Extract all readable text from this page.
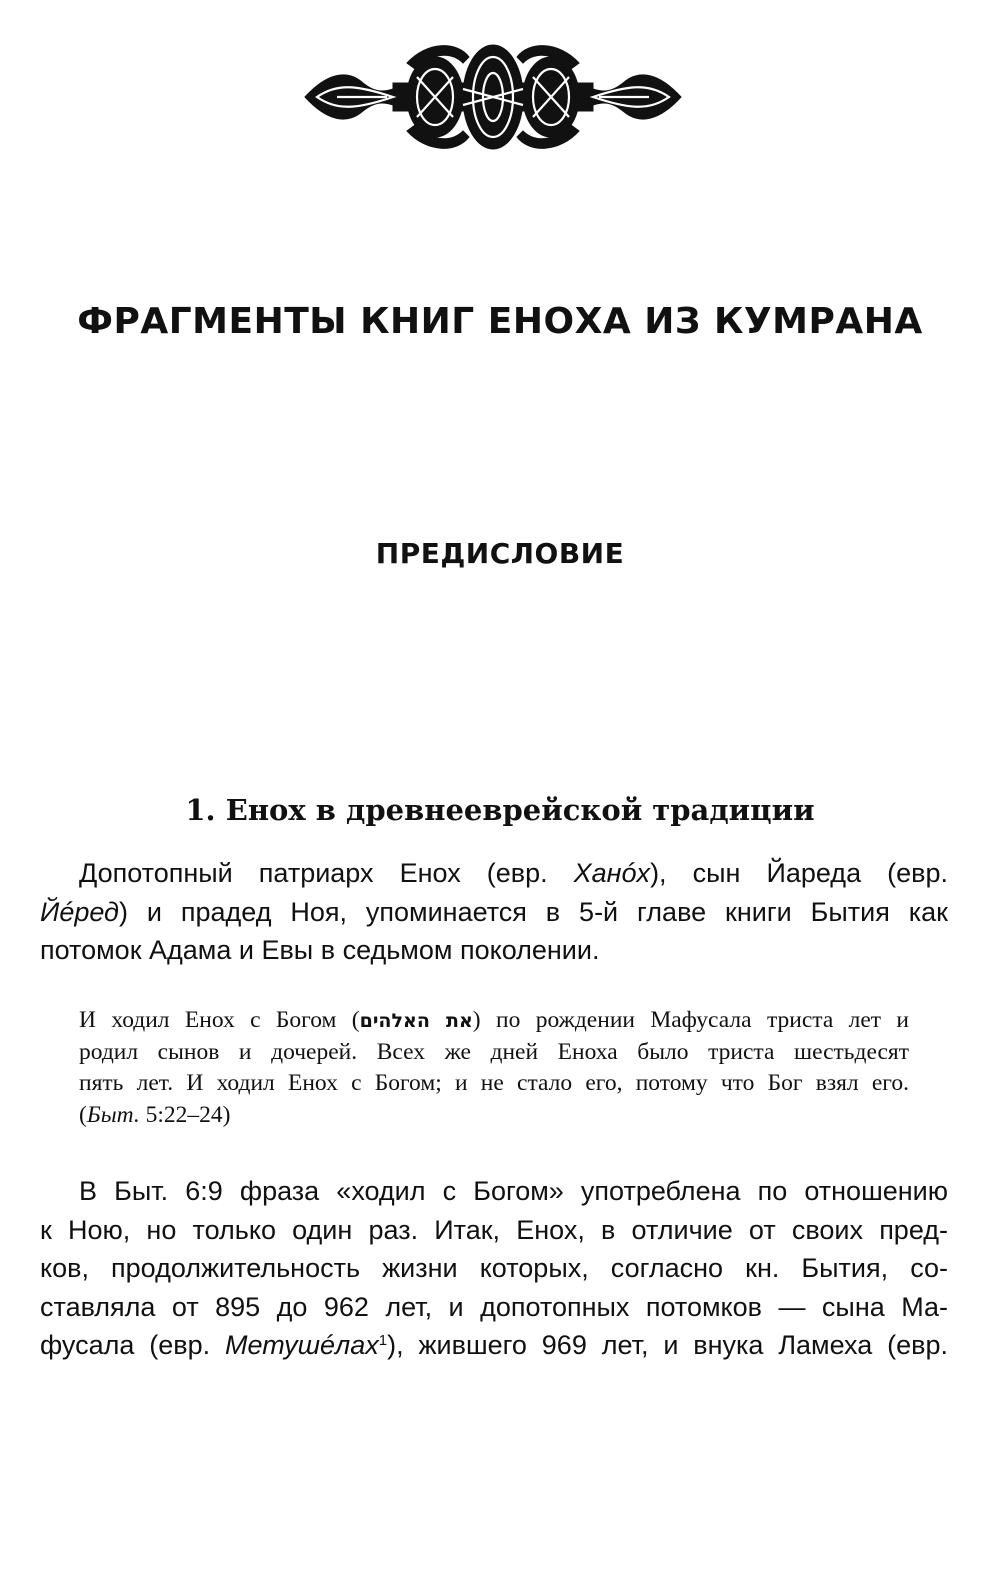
ФРАГМЕНТЫ КНИГ ЕНОХА ИЗ КУМРАНА
ПРЕДИСЛОВИЕ
1. Енох в древнееврейской традиции
Допотопный патриарх Енох (евр. Ханóх), сын Йареда (евр.
Йéред) и прадед Ноя, упоминается в 5-й главе книги Бытия как
потомок Адама и Евы в седьмом поколении.
И ходил Енох с Богом (את האלהים) по рождении Мафусала триста лет и
родил сынов и дочерей. Всех же дней Еноха было триста шестьдесят
пять лет. И ходил Енох с Богом; и не стало его, потому что Бог взял его.
(Быт. 5:22–24)
В Быт. 6:9 фраза «ходил с Богом» употреблена по отношению
к Ною, но только один раз. Итак, Енох, в отличие от своих пред-
ков, продолжительность жизни которых, согласно кн. Бытия, со-
ставляла от 895 до 962 лет, и допотопных потомков — сына Ма-
фусала (евр. Метушéлах$^1$), жившего 969 лет, и внука Ламеха (евр.
